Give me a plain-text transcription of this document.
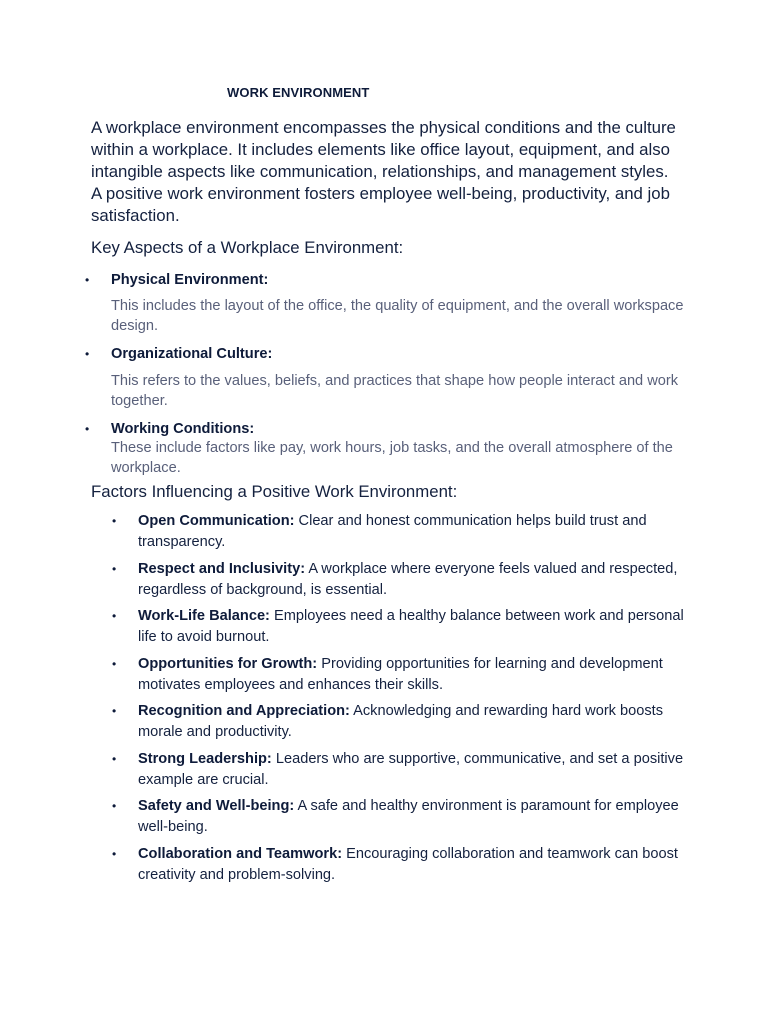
WORK ENVIRONMENT

A workplace environment encompasses the physical conditions and the culture within a workplace. It includes elements like office layout, equipment, and also intangible aspects like communication, relationships, and management styles. A positive work environment fosters employee well-being, productivity, and job satisfaction.

Key Aspects of a Workplace Environment:

• Physical Environment:
This includes the layout of the office, the quality of equipment, and the overall workspace design.
• Organizational Culture:
This refers to the values, beliefs, and practices that shape how people interact and work together.
• Working Conditions:
These include factors like pay, work hours, job tasks, and the overall atmosphere of the workplace.

Factors Influencing a Positive Work Environment:

• Open Communication: Clear and honest communication helps build trust and transparency.
• Respect and Inclusivity: A workplace where everyone feels valued and respected, regardless of background, is essential.
• Work-Life Balance: Employees need a healthy balance between work and personal life to avoid burnout.
• Opportunities for Growth: Providing opportunities for learning and development motivates employees and enhances their skills.
• Recognition and Appreciation: Acknowledging and rewarding hard work boosts morale and productivity.
• Strong Leadership: Leaders who are supportive, communicative, and set a positive example are crucial.
• Safety and Well-being: A safe and healthy environment is paramount for employee well-being.
• Collaboration and Teamwork: Encouraging collaboration and teamwork can boost creativity and problem-solving.
